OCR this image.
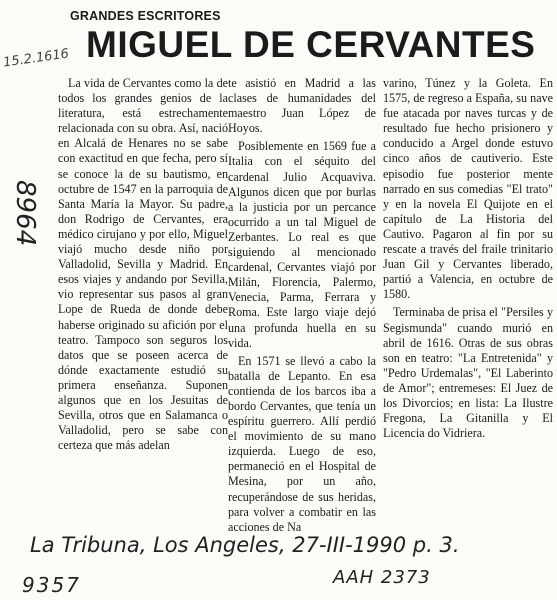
GRANDES ESCRITORES
MIGUEL DE CERVANTES

La vida de Cervantes como la de todos los grandes genios de la literatura, está estrechamente relacionada con su obra. Así, nació en Alcalá de Henares no se sabe con exactitud en que fecha, pero sí se conoce la de su bautismo, en octubre de 1547 en la parroquia de Santa María la Mayor. Su padre, don Rodrigo de Cervantes, era médico cirujano y por ello, Miguel viajó mucho desde niño por Valladolid, Sevilla y Madrid. En esos viajes y andando por Sevilla, vio representar sus pasos al gran Lope de Rueda de donde debe haberse originado su afición por el teatro. Tampoco son seguros los datos que se poseen acerca de dónde exactamente estudió su primera enseñanza. Suponen algunos que en los Jesuitas de Sevilla, otros que en Salamanca o Valladolid, pero se sabe con certeza que más adelan

te asistió en Madrid a las clases de humanidades del maestro Juan López de Hoyos.

Posiblemente en 1569 fue a Italia con el séquito del cardenal Julio Acquaviva. Algunos dicen que por burlas a la justicia por un percance ocurrido a un tal Miguel de Zerbantes. Lo real es que siguiendo al mencionado cardenal, Cervantes viajó por Milán, Florencia, Palermo, Venecia, Parma, Ferrara y Roma. Este largo viaje dejó una profunda huella en su vida.

En 1571 se llevó a cabo la batalla de Lepanto. En esa contienda de los barcos iba a bordo Cervantes, que tenía un espíritu guerrero. Allí perdió el movimiento de su mano izquierda. Luego de eso, permaneció en el Hospital de Mesina, por un año, recuperándose de sus heridas, para volver a combatir en las acciones de Na

varino, Túnez y la Goleta. En 1575, de regreso a España, su nave fue atacada por naves turcas y de resultado fue hecho prisionero y conducido a Argel donde estuvo cinco años de cautiverio. Este episodio fue posterior mente narrado en sus comedias "El trato" y en la novela El Quijote en el capítulo de La Historia del Cautivo. Pagaron al fin por su rescate a través del fraile trinitario Juan Gil y Cervantes liberado, partió a Valencia, en octubre de 1580.

Terminaba de prisa el "Persiles y Segismunda" cuando murió en abril de 1616. Otras de sus obras son en teatro: "La Entretenida" y "Pedro Urdemalas", "El Laberinto de Amor"; entremeses: El Juez de los Divorcios; en lista: La Ilustre Fregona, La Gitanilla y El Licencia do Vidriera.

15.2.1616
8964
La Tribuna, Los Angeles, 27-III-1990 p. 3.
9357	AAH 2373
